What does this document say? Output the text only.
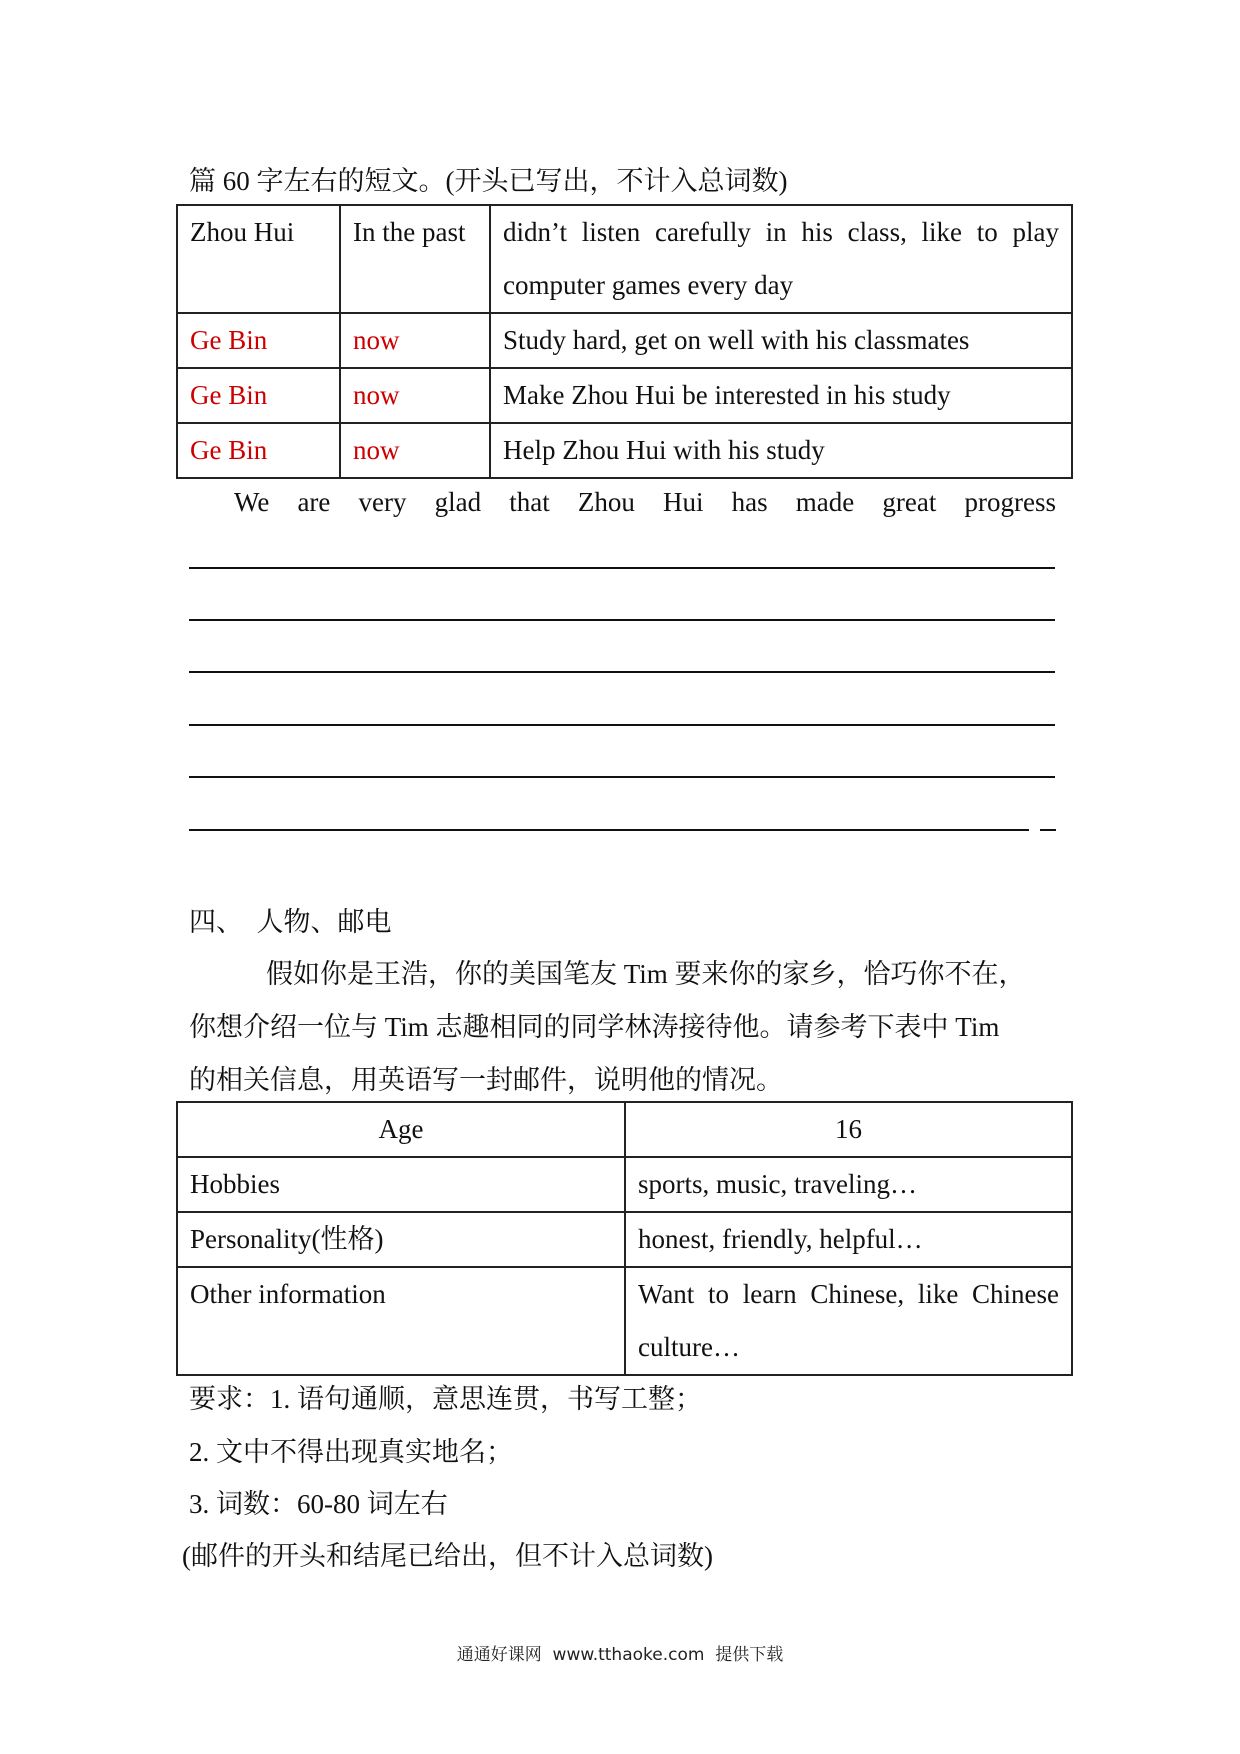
篇 60 字左右的短文。(开头已写出，不计入总词数)
Zhou Hui	In the past	didn’t listen carefully in his class, like to play computer games every day
Ge Bin	now	Study hard, get on well with his classmates
Ge Bin	now	Make Zhou Hui be interested in his study
Ge Bin	now	Help Zhou Hui with his study
We are very glad that Zhou Hui has made great progress
四、  人物、邮电
假如你是王浩，你的美国笔友 Tim 要来你的家乡，恰巧你不在，
你想介绍一位与 Tim 志趣相同的同学林涛接待他。请参考下表中 Tim
的相关信息，用英语写一封邮件，说明他的情况。
Age	16
Hobbies	sports, music, traveling…
Personality(性格)	honest, friendly, helpful…
Other information	Want to learn Chinese, like Chinese culture…
要求：1. 语句通顺，意思连贯，书写工整；
2. 文中不得出现真实地名；
3. 词数：60-80 词左右
(邮件的开头和结尾已给出，但不计入总词数)
通通好课网  www.tthaoke.com  提供下载
